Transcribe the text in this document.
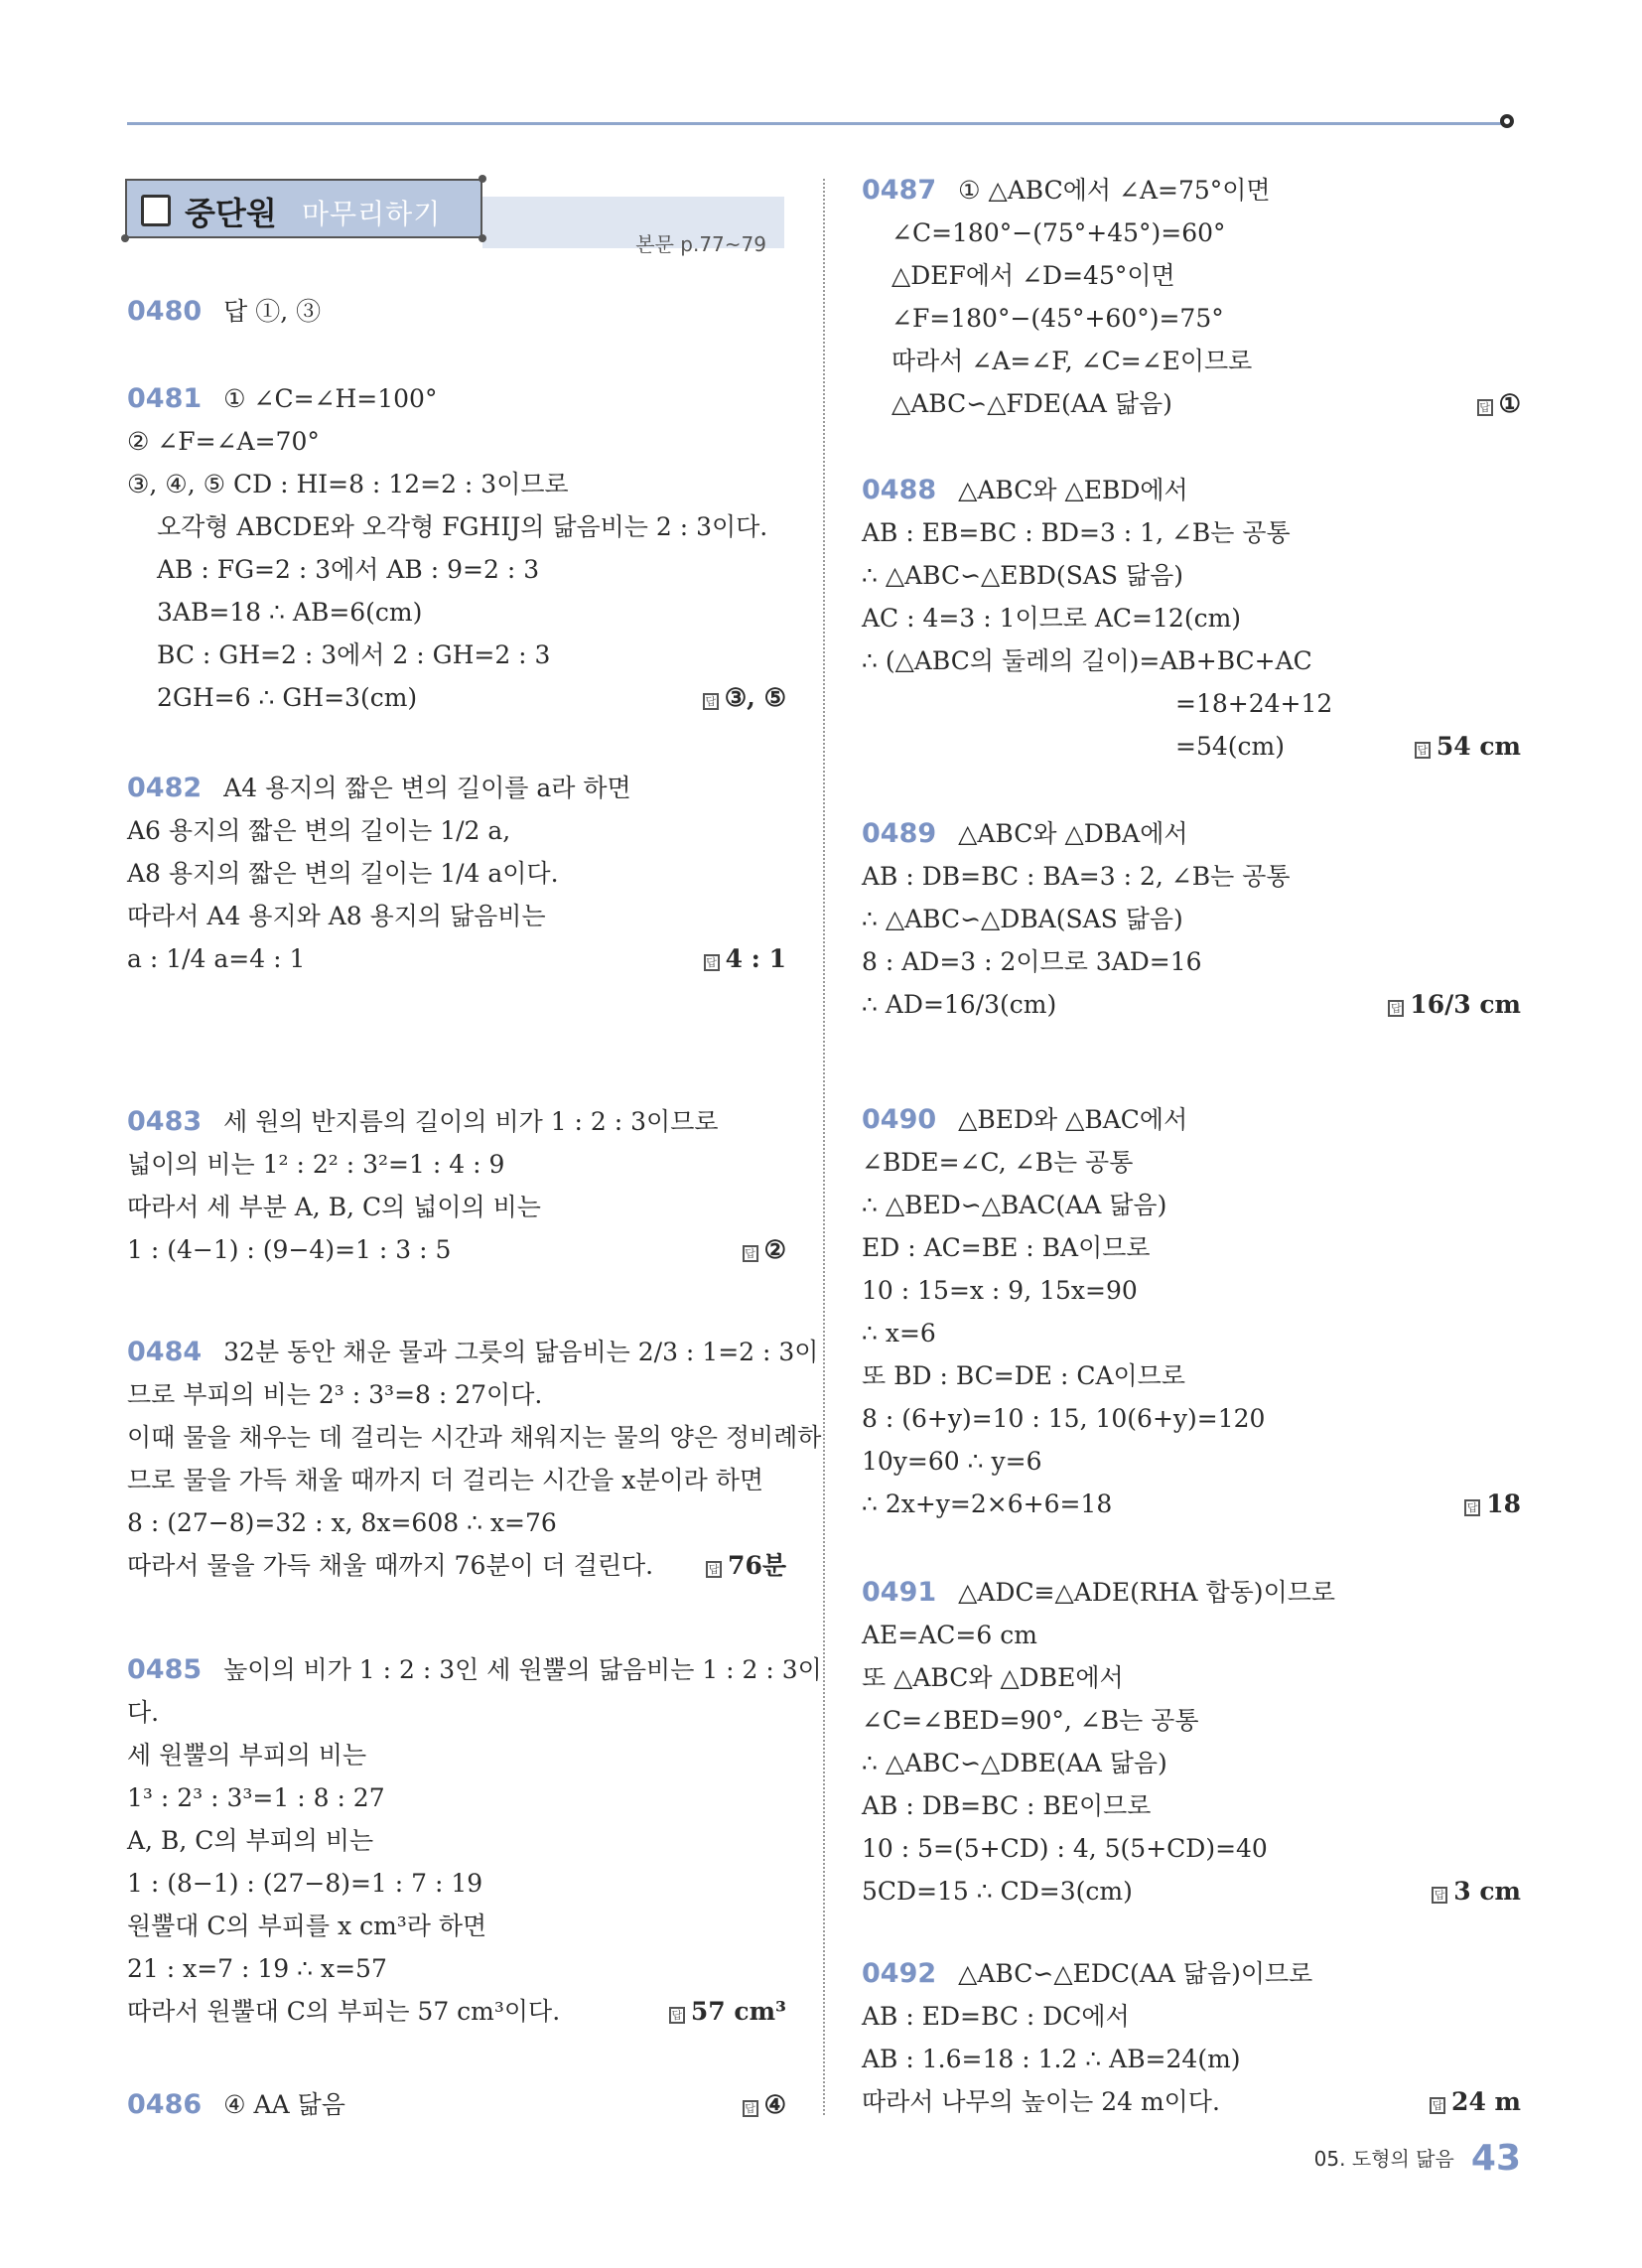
본문 p.77~79
중단원 마무리하기
0480 답 ①, ③
0481 ① ∠C=∠H=100°
② ∠F=∠A=70°
③, ④, ⑤ CD : HI=8 : 12=2 : 3이므로
오각형 ABCDE와 오각형 FGHIJ의 닮음비는 2 : 3이다.
AB : FG=2 : 3에서 AB : 9=2 : 3
3AB=18 ∴ AB=6(cm)
BC : GH=2 : 3에서 2 : GH=2 : 3
2GH=6 ∴ GH=3(cm)	답 ③, ⑤
0482 A4 용지의 짧은 변의 길이를 a라 하면
A6 용지의 짧은 변의 길이는 1/2 a,
A8 용지의 짧은 변의 길이는 1/4 a이다.
따라서 A4 용지와 A8 용지의 닮음비는
a : 1/4 a=4 : 1	답 4 : 1
0483 세 원의 반지름의 길이의 비가 1 : 2 : 3이므로
넓이의 비는 1² : 2² : 3²=1 : 4 : 9
따라서 세 부분 A, B, C의 넓이의 비는
1 : (4−1) : (9−4)=1 : 3 : 5	답 ②
0484 32분 동안 채운 물과 그릇의 닮음비는 2/3 : 1=2 : 3이
므로 부피의 비는 2³ : 3³=8 : 27이다.
이때 물을 채우는 데 걸리는 시간과 채워지는 물의 양은 정비례하
므로 물을 가득 채울 때까지 더 걸리는 시간을 x분이라 하면
8 : (27−8)=32 : x, 8x=608 ∴ x=76
따라서 물을 가득 채울 때까지 76분이 더 걸린다.	답 76분
0485 높이의 비가 1 : 2 : 3인 세 원뿔의 닮음비는 1 : 2 : 3이
다.
세 원뿔의 부피의 비는
1³ : 2³ : 3³=1 : 8 : 27
A, B, C의 부피의 비는
1 : (8−1) : (27−8)=1 : 7 : 19
원뿔대 C의 부피를 x cm³라 하면
21 : x=7 : 19 ∴ x=57
따라서 원뿔대 C의 부피는 57 cm³이다.	답 57 cm³
0486 ④ AA 닮음	답 ④
0487 ① △ABC에서 ∠A=75°이면
∠C=180°−(75°+45°)=60°
△DEF에서 ∠D=45°이면
∠F=180°−(45°+60°)=75°
따라서 ∠A=∠F, ∠C=∠E이므로
△ABC∽△FDE(AA 닮음)	답 ①
0488 △ABC와 △EBD에서
AB : EB=BC : BD=3 : 1, ∠B는 공통
∴ △ABC∽△EBD(SAS 닮음)
AC : 4=3 : 1이므로 AC=12(cm)
∴ (△ABC의 둘레의 길이)=AB+BC+AC
=18+24+12
=54(cm)	답 54 cm
0489 △ABC와 △DBA에서
AB : DB=BC : BA=3 : 2, ∠B는 공통
∴ △ABC∽△DBA(SAS 닮음)
8 : AD=3 : 2이므로 3AD=16
∴ AD=16/3(cm)	답 16/3 cm
0490 △BED와 △BAC에서
∠BDE=∠C, ∠B는 공통
∴ △BED∽△BAC(AA 닮음)
ED : AC=BE : BA이므로
10 : 15=x : 9, 15x=90
∴ x=6
또 BD : BC=DE : CA이므로
8 : (6+y)=10 : 15, 10(6+y)=120
10y=60 ∴ y=6
∴ 2x+y=2×6+6=18	답 18
0491 △ADC≡△ADE(RHA 합동)이므로
AE=AC=6 cm
또 △ABC와 △DBE에서
∠C=∠BED=90°, ∠B는 공통
∴ △ABC∽△DBE(AA 닮음)
AB : DB=BC : BE이므로
10 : 5=(5+CD) : 4, 5(5+CD)=40
5CD=15 ∴ CD=3(cm)	답 3 cm
0492 △ABC∽△EDC(AA 닮음)이므로
AB : ED=BC : DC에서
AB : 1.6=18 : 1.2 ∴ AB=24(m)
따라서 나무의 높이는 24 m이다.	답 24 m
05. 도형의 닮음 43
